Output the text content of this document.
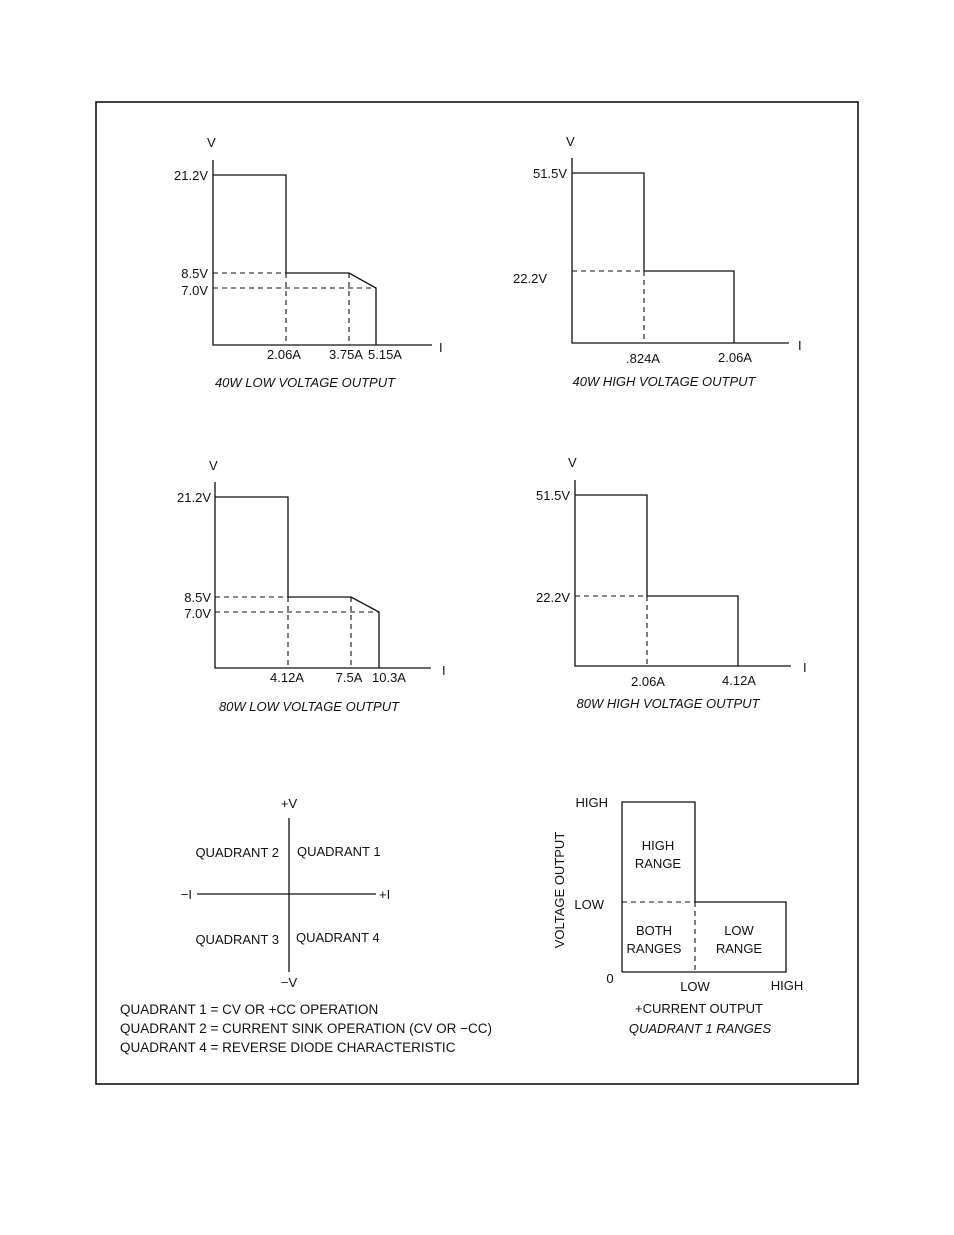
V
I
21.2V
8.5V
7.0V
2.06A 3.75A 5.15A
40W LOW VOLTAGE OUTPUT
V
I
51.5V
22.2V
.824A	2.06A
40W HIGH VOLTAGE OUTPUT
V
I
21.2V
8.5V
7.0V
4.12A 7.5A 10.3A
80W LOW VOLTAGE OUTPUT
V
I
51.5V
22.2V
2.06A	4.12A
80W HIGH VOLTAGE OUTPUT
+V
−V
−I	+I
QUADRANT 2 QUADRANT 1
QUADRANT 3 QUADRANT 4
QUADRANT 1 = CV OR +CC OPERATION
QUADRANT 2 = CURRENT SINK OPERATION (CV OR −CC)
QUADRANT 4 = REVERSE DIODE CHARACTERISTIC
VOLTAGE OUTPUT
HIGH
LOW
0
HIGH
RANGE
BOTH
RANGES
LOW
RANGE
LOW	HIGH
+CURRENT OUTPUT
QUADRANT 1 RANGES
